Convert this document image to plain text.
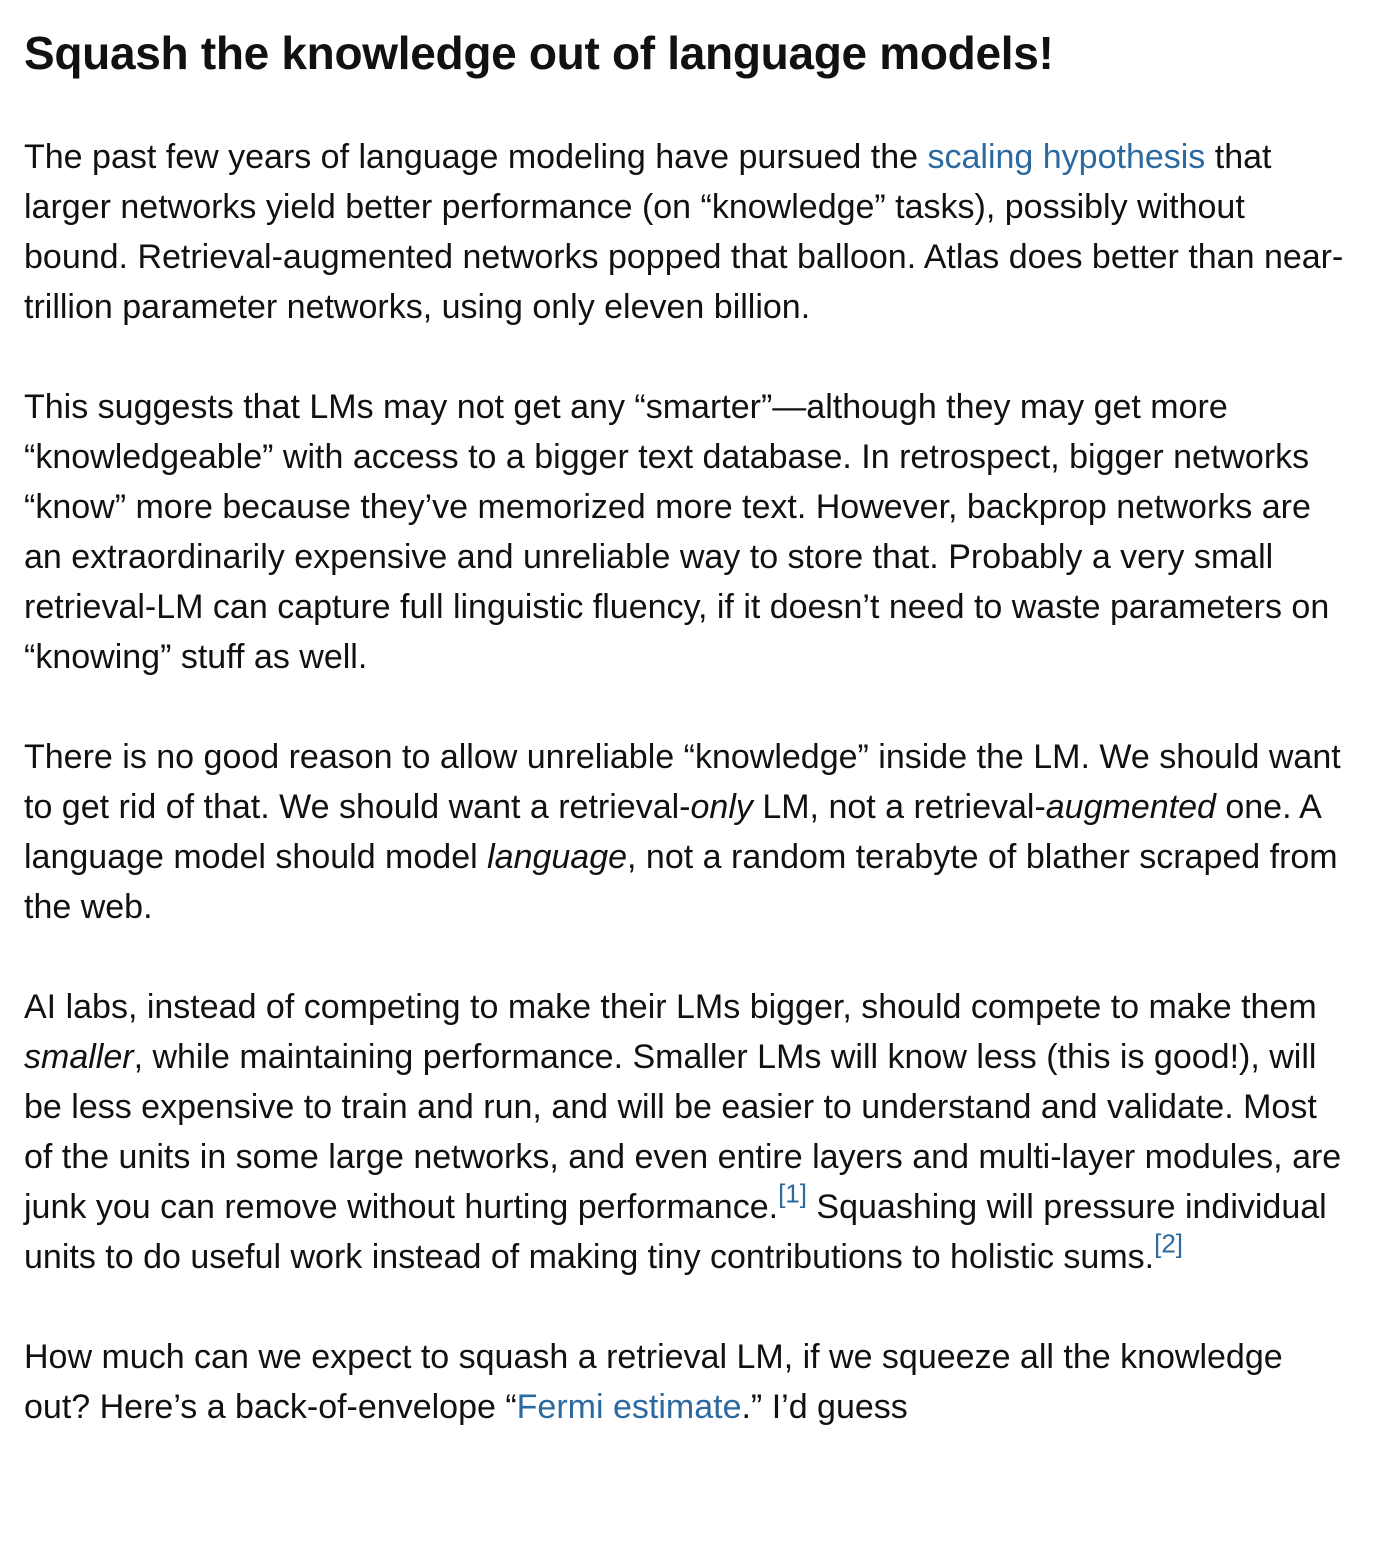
Squash the knowledge out of language models!

The past few years of language modeling have pursued the scaling hypothesis that larger networks yield better performance (on “knowledge” tasks), possibly without bound. Retrieval-augmented networks popped that balloon. Atlas does better than near-trillion parameter networks, using only eleven billion.

This suggests that LMs may not get any “smarter”—although they may get more “knowledgeable” with access to a bigger text database. In retrospect, bigger networks “know” more because they’ve memorized more text. However, backprop networks are an extraordinarily expensive and unreliable way to store that. Probably a very small retrieval-LM can capture full linguistic fluency, if it doesn’t need to waste parameters on “knowing” stuff as well.

There is no good reason to allow unreliable “knowledge” inside the LM. We should want to get rid of that. We should want a retrieval-only LM, not a retrieval-augmented one. A language model should model language, not a random terabyte of blather scraped from the web.

AI labs, instead of competing to make their LMs bigger, should compete to make them smaller, while maintaining performance. Smaller LMs will know less (this is good!), will be less expensive to train and run, and will be easier to understand and validate. Most of the units in some large networks, and even entire layers and multi-layer modules, are junk you can remove without hurting performance.[1] Squashing will pressure individual units to do useful work instead of making tiny contributions to holistic sums.[2]

How much can we expect to squash a retrieval LM, if we squeeze all the knowledge out? Here’s a back-of-envelope “Fermi estimate.” I’d guess
